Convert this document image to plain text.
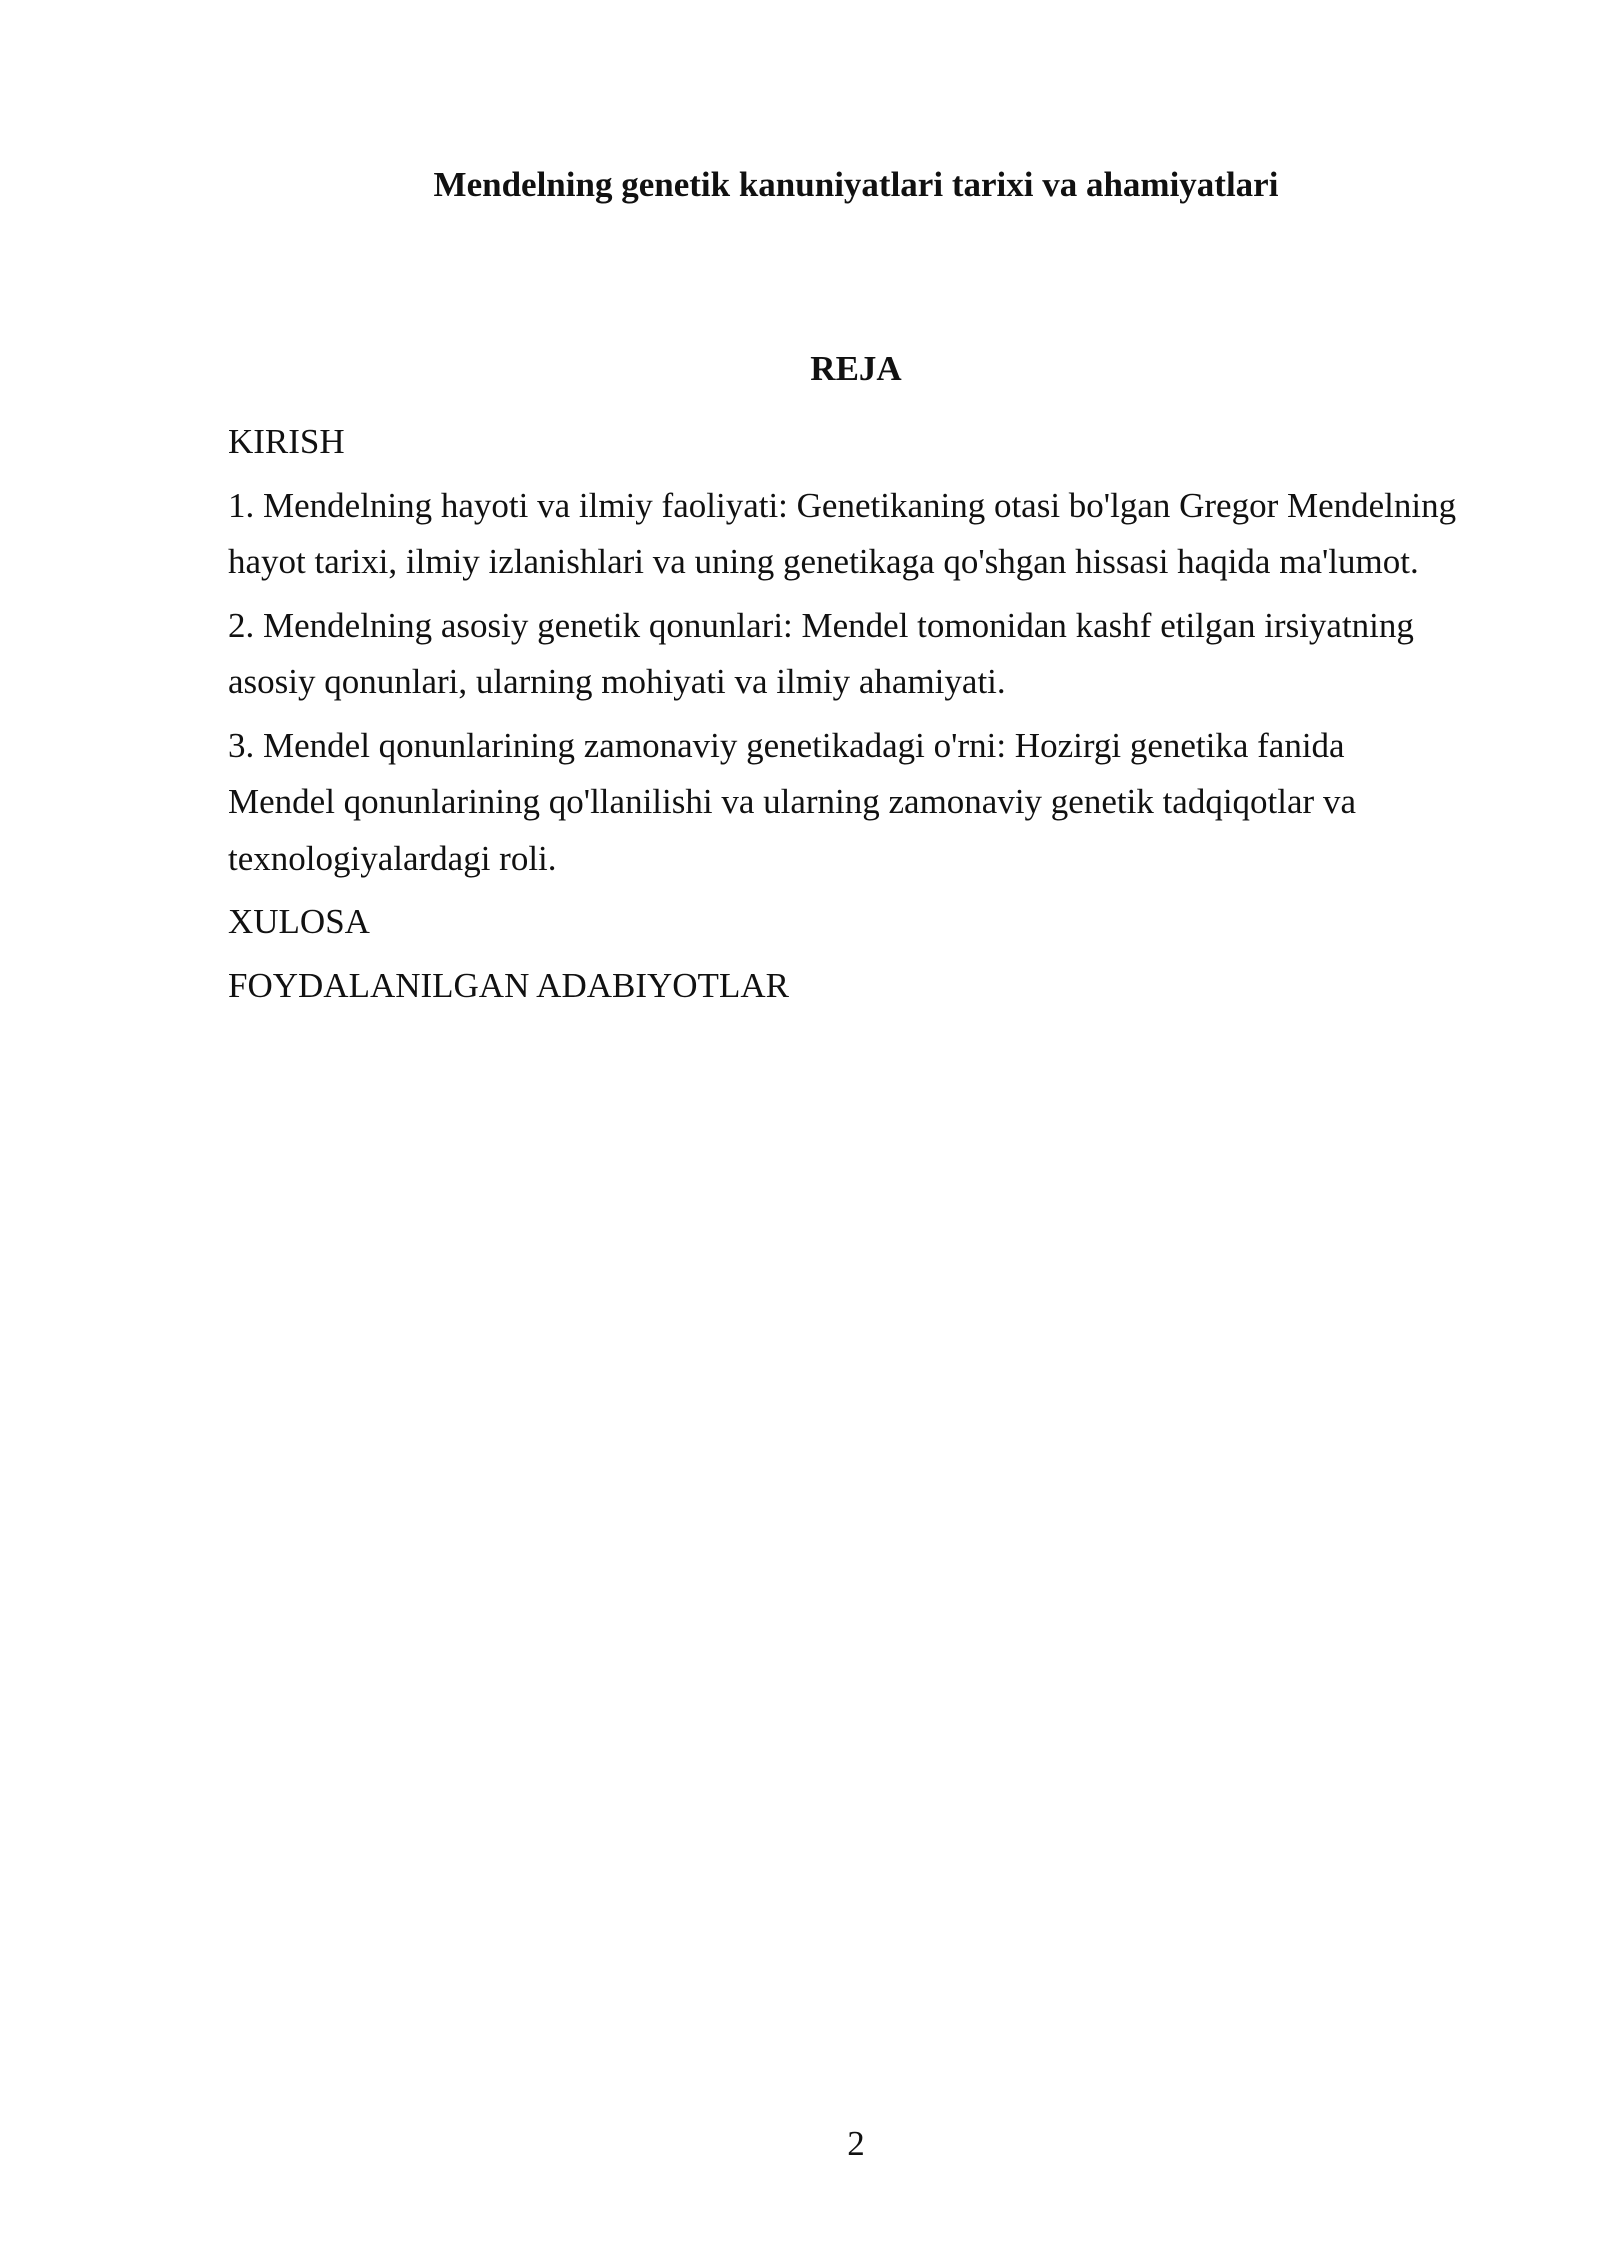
Mendelning genetik kanuniyatlari tarixi va ahamiyatlari
REJA

KIRISH

1. Mendelning hayoti va ilmiy faoliyati: Genetikaning otasi bo'lgan Gregor Mendelning hayot tarixi, ilmiy izlanishlari va uning genetikaga qo'shgan hissasi haqida ma'lumot.

2. Mendelning asosiy genetik qonunlari: Mendel tomonidan kashf etilgan irsiyatning asosiy qonunlari, ularning mohiyati va ilmiy ahamiyati.

3. Mendel qonunlarining zamonaviy genetikadagi o'rni: Hozirgi genetika fanida Mendel qonunlarining qo'llanilishi va ularning zamonaviy genetik tadqiqotlar va texnologiyalardagi roli.

XULOSA

FOYDALANILGAN ADABIYOTLAR

2
